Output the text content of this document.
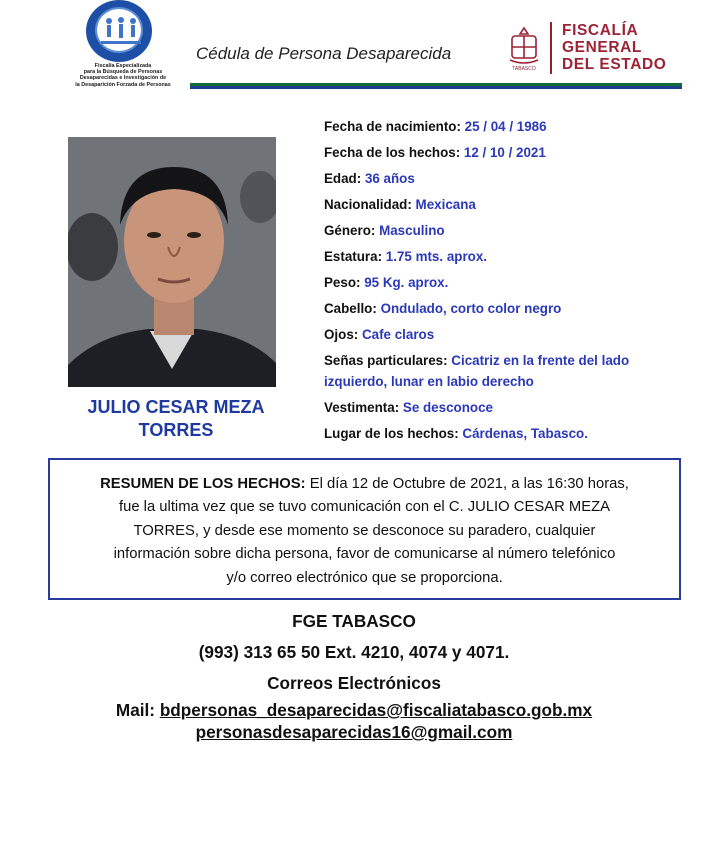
Fiscalía Especializada
para la Búsqueda de Personas
Desaparecidas e Investigación de
la Desaparición Forzada de Personas
Cédula de Persona Desaparecida
TABASCO
FISCALÍA
GENERAL
DEL ESTADO
JULIO CESAR MEZA
TORRES
Fecha de nacimiento: 25 / 04 / 1986
Fecha de los hechos: 12 / 10 / 2021
Edad: 36 años
Nacionalidad: Mexicana
Género: Masculino
Estatura: 1.75 mts. aprox.
Peso: 95 Kg. aprox.
Cabello: Ondulado, corto color negro
Ojos: Cafe claros
Señas particulares: Cicatriz en la frente del lado
izquierdo, lunar en labio derecho
Vestimenta: Se desconoce
Lugar de los hechos: Cárdenas, Tabasco.
RESUMEN DE LOS HECHOS: El día 12 de Octubre de 2021, a las 16:30 horas,
fue la ultima vez que se tuvo comunicación con el C. JULIO CESAR MEZA
TORRES, y desde ese momento se desconoce su paradero, cualquier
información sobre dicha persona, favor de comunicarse al número telefónico
y/o correo electrónico que se proporciona.
FGE TABASCO
(993) 313 65 50 Ext. 4210, 4074 y 4071.
Correos Electrónicos
Mail: bdpersonas_desaparecidas@fiscaliatabasco.gob.mx
personasdesaparecidas16@gmail.com
